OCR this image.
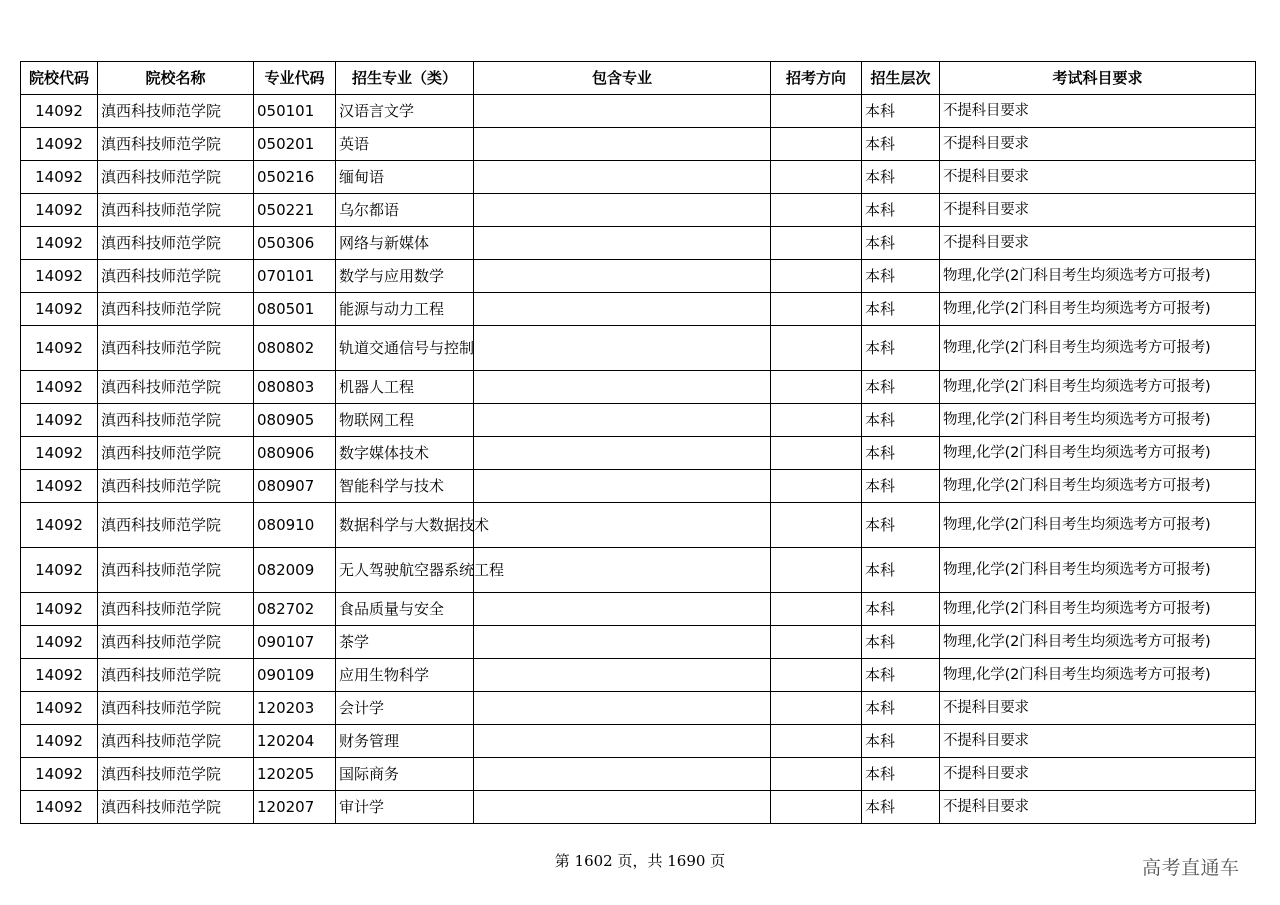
院校代码	院校名称	专业代码	招生专业（类）	包含专业	招考方向	招生层次	考试科目要求
14092	滇西科技师范学院	050101	汉语言文学			本科	不提科目要求
14092	滇西科技师范学院	050201	英语			本科	不提科目要求
14092	滇西科技师范学院	050216	缅甸语			本科	不提科目要求
14092	滇西科技师范学院	050221	乌尔都语			本科	不提科目要求
14092	滇西科技师范学院	050306	网络与新媒体			本科	不提科目要求
14092	滇西科技师范学院	070101	数学与应用数学			本科	物理,化学(2门科目考生均须选考方可报考)
14092	滇西科技师范学院	080501	能源与动力工程			本科	物理,化学(2门科目考生均须选考方可报考)
14092	滇西科技师范学院	080802	轨道交通信号与控制			本科	物理,化学(2门科目考生均须选考方可报考)
14092	滇西科技师范学院	080803	机器人工程			本科	物理,化学(2门科目考生均须选考方可报考)
14092	滇西科技师范学院	080905	物联网工程			本科	物理,化学(2门科目考生均须选考方可报考)
14092	滇西科技师范学院	080906	数字媒体技术			本科	物理,化学(2门科目考生均须选考方可报考)
14092	滇西科技师范学院	080907	智能科学与技术			本科	物理,化学(2门科目考生均须选考方可报考)
14092	滇西科技师范学院	080910	数据科学与大数据技术			本科	物理,化学(2门科目考生均须选考方可报考)
14092	滇西科技师范学院	082009	无人驾驶航空器系统工程			本科	物理,化学(2门科目考生均须选考方可报考)
14092	滇西科技师范学院	082702	食品质量与安全			本科	物理,化学(2门科目考生均须选考方可报考)
14092	滇西科技师范学院	090107	茶学			本科	物理,化学(2门科目考生均须选考方可报考)
14092	滇西科技师范学院	090109	应用生物科学			本科	物理,化学(2门科目考生均须选考方可报考)
14092	滇西科技师范学院	120203	会计学			本科	不提科目要求
14092	滇西科技师范学院	120204	财务管理			本科	不提科目要求
14092	滇西科技师范学院	120205	国际商务			本科	不提科目要求
14092	滇西科技师范学院	120207	审计学			本科	不提科目要求
第 1602 页，共 1690 页	高考直通车
